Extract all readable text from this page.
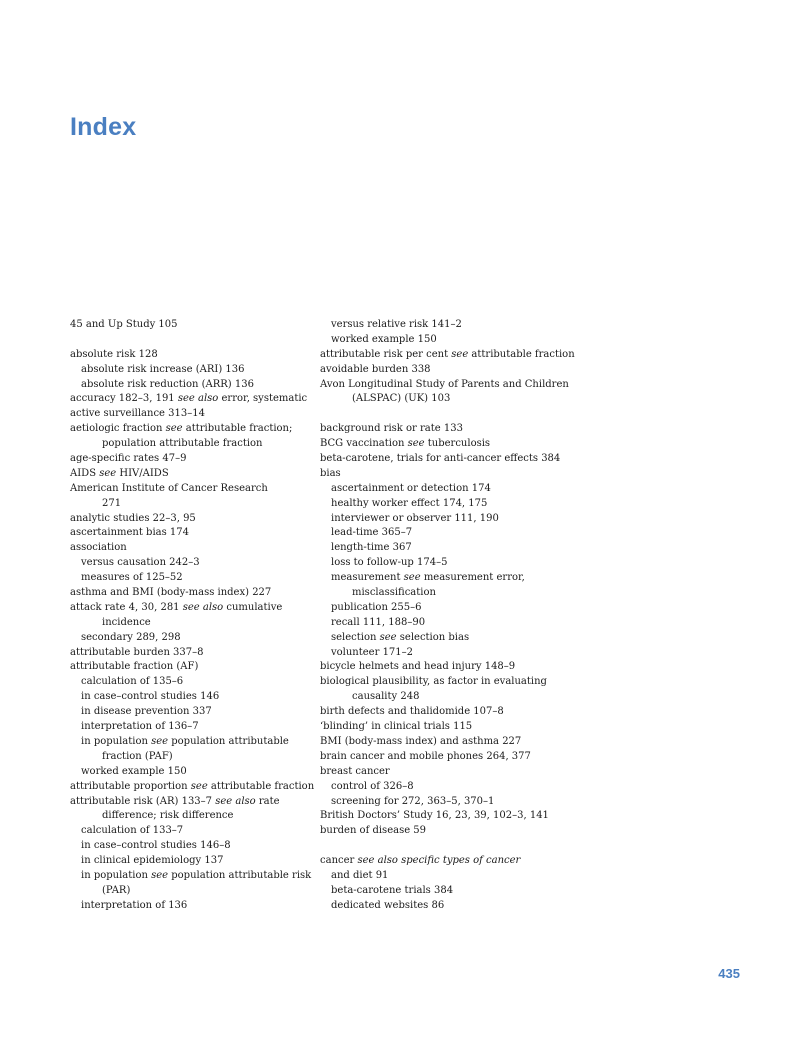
Index
45 and Up Study 105
absolute risk 128
absolute risk increase (ARI) 136
absolute risk reduction (ARR) 136
accuracy 182–3, 191 see also error, systematic
active surveillance 313–14
aetiologic fraction see attributable fraction;
population attributable fraction
age-specific rates 47–9
AIDS see HIV/AIDS
American Institute of Cancer Research
271
analytic studies 22–3, 95
ascertainment bias 174
association
versus causation 242–3
measures of 125–52
asthma and BMI (body-mass index) 227
attack rate 4, 30, 281 see also cumulative
incidence
secondary 289, 298
attributable burden 337–8
attributable fraction (AF)
calculation of 135–6
in case–control studies 146
in disease prevention 337
interpretation of 136–7
in population see population attributable
fraction (PAF)
worked example 150
attributable proportion see attributable fraction
attributable risk (AR) 133–7 see also rate
difference; risk difference
calculation of 133–7
in case–control studies 146–8
in clinical epidemiology 137
in population see population attributable risk
(PAR)
interpretation of 136
versus relative risk 141–2
worked example 150
attributable risk per cent see attributable fraction
avoidable burden 338
Avon Longitudinal Study of Parents and Children
(ALSPAC) (UK) 103
background risk or rate 133
BCG vaccination see tuberculosis
beta-carotene, trials for anti-cancer effects 384
bias
ascertainment or detection 174
healthy worker effect 174, 175
interviewer or observer 111, 190
lead-time 365–7
length-time 367
loss to follow-up 174–5
measurement see measurement error,
misclassification
publication 255–6
recall 111, 188–90
selection see selection bias
volunteer 171–2
bicycle helmets and head injury 148–9
biological plausibility, as factor in evaluating
causality 248
birth defects and thalidomide 107–8
‘blinding’ in clinical trials 115
BMI (body-mass index) and asthma 227
brain cancer and mobile phones 264, 377
breast cancer
control of 326–8
screening for 272, 363–5, 370–1
British Doctors’ Study 16, 23, 39, 102–3, 141
burden of disease 59
cancer see also specific types of cancer
and diet 91
beta-carotene trials 384
dedicated websites 86
435
